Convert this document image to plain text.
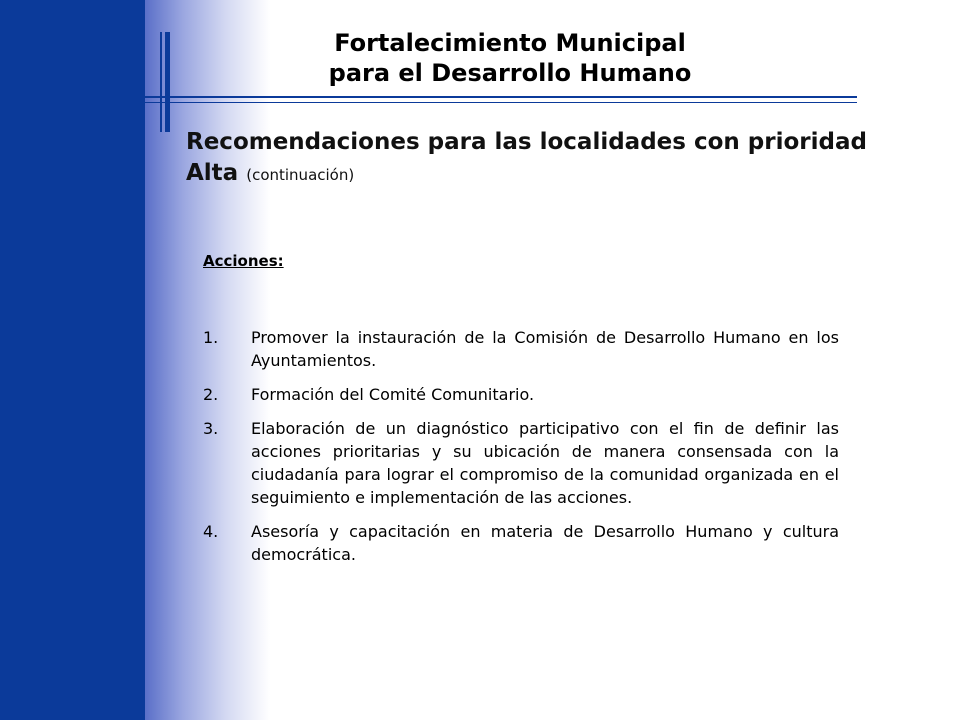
Fortalecimiento Municipal
para el Desarrollo Humano
Recomendaciones para las localidades con prioridad Alta (continuación)
Acciones:
1. Promover la instauración de la Comisión de Desarrollo Humano en los Ayuntamientos.
2. Formación del Comité Comunitario.
3. Elaboración de un diagnóstico participativo con el fin de definir las acciones prioritarias y su ubicación de manera consensada con la ciudadanía para lograr el compromiso de la comunidad organizada en el seguimiento e implementación de las acciones.
4. Asesoría y capacitación en materia de Desarrollo Humano y cultura democrática.
